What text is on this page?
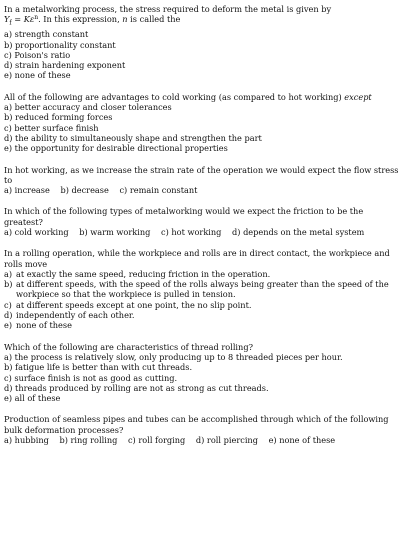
In a metalworking process, the stress required to deform the metal is given by
$Y_f = K\varepsilon^n$. In this expression, n is called the
a) strength constant
b) proportionality constant
c) Poison's ratio
d) strain hardening exponent
e) none of these
All of the following are advantages to cold working (as compared to hot working) except
a) better accuracy and closer tolerances
b) reduced forming forces
c) better surface finish
d) the ability to simultaneously shape and strengthen the part
e) the opportunity for desirable directional properties
In hot working, as we increase the strain rate of the operation we would expect the flow stress to
a) increase b) decrease c) remain constant
In which of the following types of metalworking would we expect the friction to be the greatest?
a) cold working b) warm working c) hot working d) depends on the metal system
In a rolling operation, while the workpiece and rolls are in direct contact, the workpiece and rolls move
a) at exactly the same speed, reducing friction in the operation.
b) at different speeds, with the speed of the rolls always being greater than the speed of the workpiece so that the workpiece is pulled in tension.
c) at different speeds except at one point, the no slip point.
d) independently of each other.
e) none of these
Which of the following are characteristics of thread rolling?
a) the process is relatively slow, only producing up to 8 threaded pieces per hour.
b) fatigue life is better than with cut threads.
c) surface finish is not as good as cutting.
d) threads produced by rolling are not as strong as cut threads.
e) all of these
Production of seamless pipes and tubes can be accomplished through which of the following bulk deformation processes?
a) hubbing b) ring rolling c) roll forging d) roll piercing e) none of these
